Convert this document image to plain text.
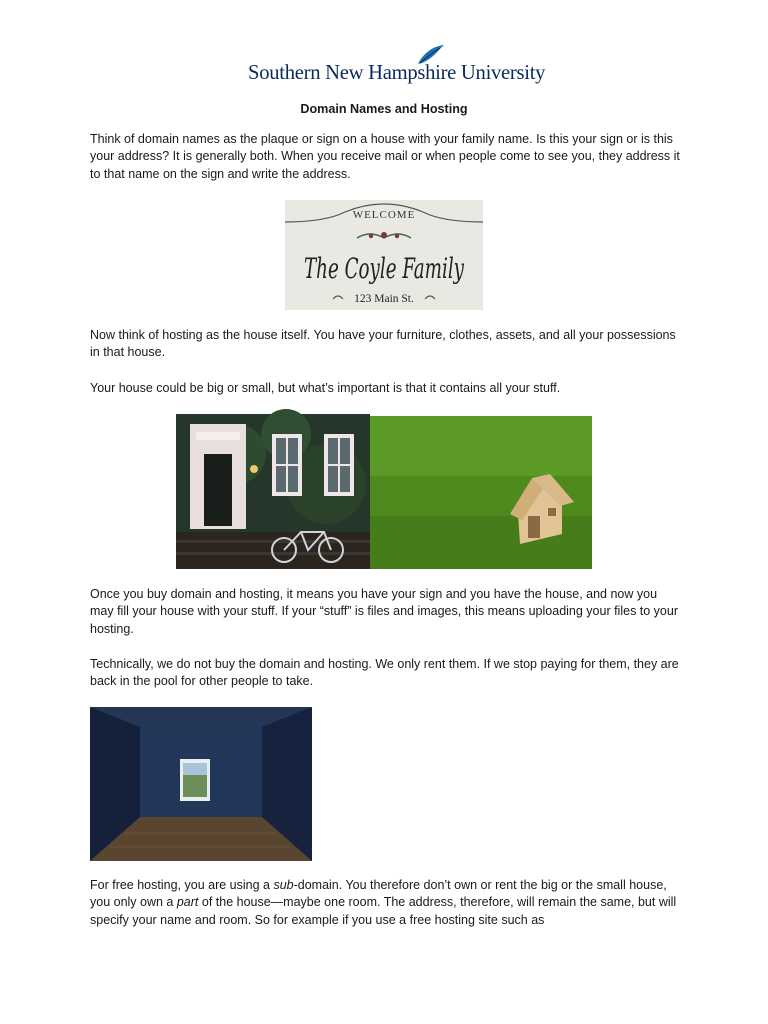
Southern New Hampshire University
Domain Names and Hosting

Think of domain names as the plaque or sign on a house with your family name. Is this your sign or is this your address? It is generally both. When you receive mail or when people come to see you, they address it to that name on the sign and write the address.

WELCOME
The Coyle Family
123 Main St.

Now think of hosting as the house itself. You have your furniture, clothes, assets, and all your possessions in that house.

Your house could be big or small, but what’s important is that it contains all your stuff.

Once you buy domain and hosting, it means you have your sign and you have the house, and now you may fill your house with your stuff. If your “stuff” is files and images, this means uploading your files to your hosting.

Technically, we do not buy the domain and hosting. We only rent them. If we stop paying for them, they are back in the pool for other people to take.

For free hosting, you are using a sub-domain. You therefore don’t own or rent the big or the small house, you only own a part of the house—maybe one room. The address, therefore, will remain the same, but will specify your name and room. So for example if you use a free hosting site such as
